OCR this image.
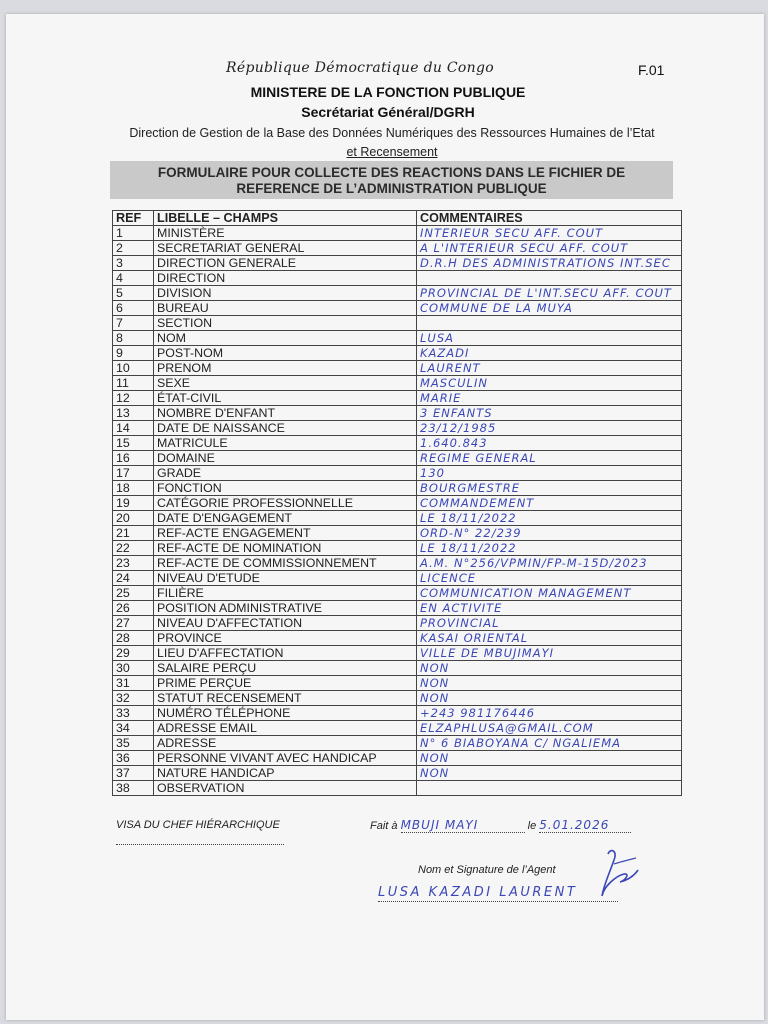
République Démocratique du Congo	F.01
MINISTERE DE LA FONCTION PUBLIQUE
Secrétariat Général/DGRH
Direction de Gestion de la Base des Données Numériques des Ressources Humaines de l’Etat
et Recensement
FORMULAIRE POUR COLLECTE DES REACTIONS DANS LE FICHIER DE
REFERENCE DE L’ADMINISTRATION PUBLIQUE
REF	LIBELLE – CHAMPS	COMMENTAIRES
1	MINISTÈRE	INTERIEUR SECU AFF. COUT
2	SECRETARIAT GENERAL	A L'INTERIEUR SECU AFF. COUT
3	DIRECTION GENERALE	D.R.H DES ADMINISTRATIONS INT.SEC
4	DIRECTION	
5	DIVISION	PROVINCIAL DE L'INT.SECU AFF. COUT
6	BUREAU	COMMUNE DE LA MUYA
7	SECTION	
8	NOM	LUSA
9	POST-NOM	KAZADI
10	PRENOM	LAURENT
11	SEXE	MASCULIN
12	ÉTAT-CIVIL	MARIE
13	NOMBRE D'ENFANT	3 ENFANTS
14	DATE DE NAISSANCE	23/12/1985
15	MATRICULE	1.640.843
16	DOMAINE	REGIME GENERAL
17	GRADE	130
18	FONCTION	BOURGMESTRE
19	CATÉGORIE PROFESSIONNELLE	COMMANDEMENT
20	DATE D'ENGAGEMENT	LE 18/11/2022
21	REF-ACTE ENGAGEMENT	ORD-N° 22/239
22	REF-ACTE DE NOMINATION	LE 18/11/2022
23	REF-ACTE DE COMMISSIONNEMENT	A.M. N°256/VPMIN/FP-M-15D/2023
24	NIVEAU D'ETUDE	LICENCE
25	FILIÈRE	COMMUNICATION MANAGEMENT
26	POSITION ADMINISTRATIVE	EN ACTIVITE
27	NIVEAU D'AFFECTATION	PROVINCIAL
28	PROVINCE	KASAI ORIENTAL
29	LIEU D'AFFECTATION	VILLE DE MBUJIMAYI
30	SALAIRE PERÇU	NON
31	PRIME PERÇUE	NON
32	STATUT RECENSEMENT	NON
33	NUMÉRO TÉLÉPHONE	+243 981176446
34	ADRESSE EMAIL	ELZAPHLUSA@GMAIL.COM
35	ADRESSE	N° 6 BIABOYANA C/ NGALIEMA
36	PERSONNE VIVANT AVEC HANDICAP	NON
37	NATURE HANDICAP	NON
38	OBSERVATION	
VISA DU CHEF HIÉRARCHIQUE	Fait à MBUJI MAYI	le 5.01.2026
Nom et Signature de l’Agent
LUSA KAZADI LAURENT
